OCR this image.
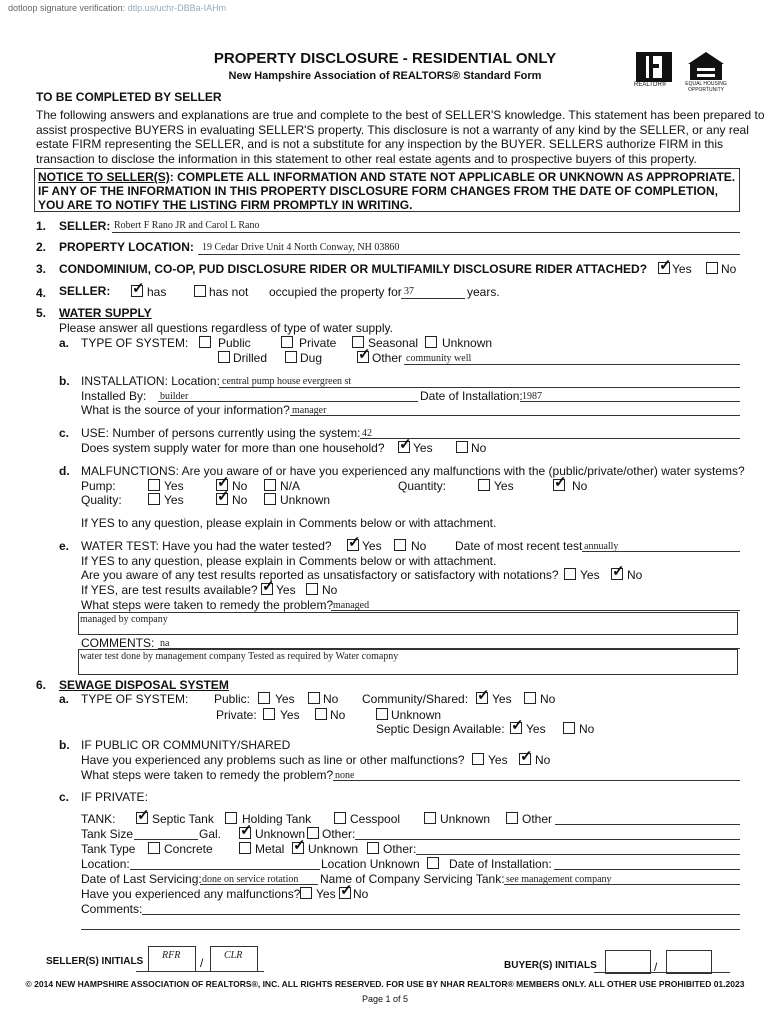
dotloop signature verification: dtlp.us/uchr-DBBa-IAHm
PROPERTY DISCLOSURE - RESIDENTIAL ONLY
New Hampshire Association of REALTORS® Standard Form
REALTOR®	EQUAL HOUSING OPPORTUNITY
TO BE COMPLETED BY SELLER
The following answers and explanations are true and complete to the best of SELLER'S knowledge. This statement has been prepared to
assist prospective BUYERS in evaluating SELLER'S property. This disclosure is not a warranty of any kind by the SELLER, or any real
estate FIRM representing the SELLER, and is not a substitute for any inspection by the BUYER. SELLERS authorize FIRM in this
transaction to disclose the information in this statement to other real estate agents and to prospective buyers of this property.
NOTICE TO SELLER(S): COMPLETE ALL INFORMATION AND STATE NOT APPLICABLE OR UNKNOWN AS APPROPRIATE.
IF ANY OF THE INFORMATION IN THIS PROPERTY DISCLOSURE FORM CHANGES FROM THE DATE OF COMPLETION,
YOU ARE TO NOTIFY THE LISTING FIRM PROMPTLY IN WRITING.
1. SELLER: Robert F Rano JR and Carol L Rano
2. PROPERTY LOCATION: 19 Cedar Drive Unit 4 North Conway, NH 03860
3. CONDOMINIUM, CO-OP, PUD DISCLOSURE RIDER OR MULTIFAMILY DISCLOSURE RIDER ATTACHED? ✓ Yes No
4. SELLER: ✓ has	has not occupied the property for 37	years.
5. WATER SUPPLY
Please answer all questions regardless of type of water supply.
a. TYPE OF SYSTEM: Public	Private	Seasonal Unknown
Drilled	Dug ✓ Other community well
b. INSTALLATION: Location: central pump house evergreen st
Installed By: builder	Date of Installation: 1987
What is the source of your information? manager
c. USE: Number of persons currently using the system: 42
Does system supply water for more than one household? ✓ Yes	No
d. MALFUNCTIONS: Are you aware of or have you experienced any malfunctions with the (public/private/other) water systems?
Pump:	Yes ✓ No	N/A	Quantity:	Yes	✓ No
Quality:	Yes ✓ No	Unknown
If YES to any question, please explain in Comments below or with attachment.
e. WATER TEST: Have you had the water tested? ✓ Yes No Date of most recent test annually
If YES to any question, please explain in Comments below or with attachment.
Are you aware of any test results reported as unsatisfactory or satisfactory with notations? Yes ✓ No
If YES, are test results available? ✓ Yes No
What steps were taken to remedy the problem? managed
managed by company
COMMENTS: na
water test done by management company Tested as required by Water comapny
6. SEWAGE DISPOSAL SYSTEM
a. TYPE OF SYSTEM: Public: Yes No Community/Shared: ✓ Yes No
Private: Yes	No	Unknown
Septic Design Available: ✓ Yes	No
b. IF PUBLIC OR COMMUNITY/SHARED
Have you experienced any problems such as line or other malfunctions? Yes ✓ No
What steps were taken to remedy the problem? none
c. IF PRIVATE:
TANK: ✓ Septic Tank Holding Tank	Cesspool	Unknown	Other
Tank Size	Gal. ✓ Unknown Other:
Tank Type Concrete	Metal ✓ Unknown Other:
Location:	Location Unknown Date of Installation:
Date of Last Servicing: done on service rotation Name of Company Servicing Tank: see management company
Have you experienced any malfunctions? Yes ✓ No
Comments:
SELLER(S) INITIALS
RFR
/
CLR
BUYER(S) INITIALS	/
© 2014 NEW HAMPSHIRE ASSOCIATION OF REALTORS®, INC. ALL RIGHTS RESERVED. FOR USE BY NHAR REALTOR® MEMBERS ONLY. ALL OTHER USE PROHIBITED 01.2023
Page 1 of 5
